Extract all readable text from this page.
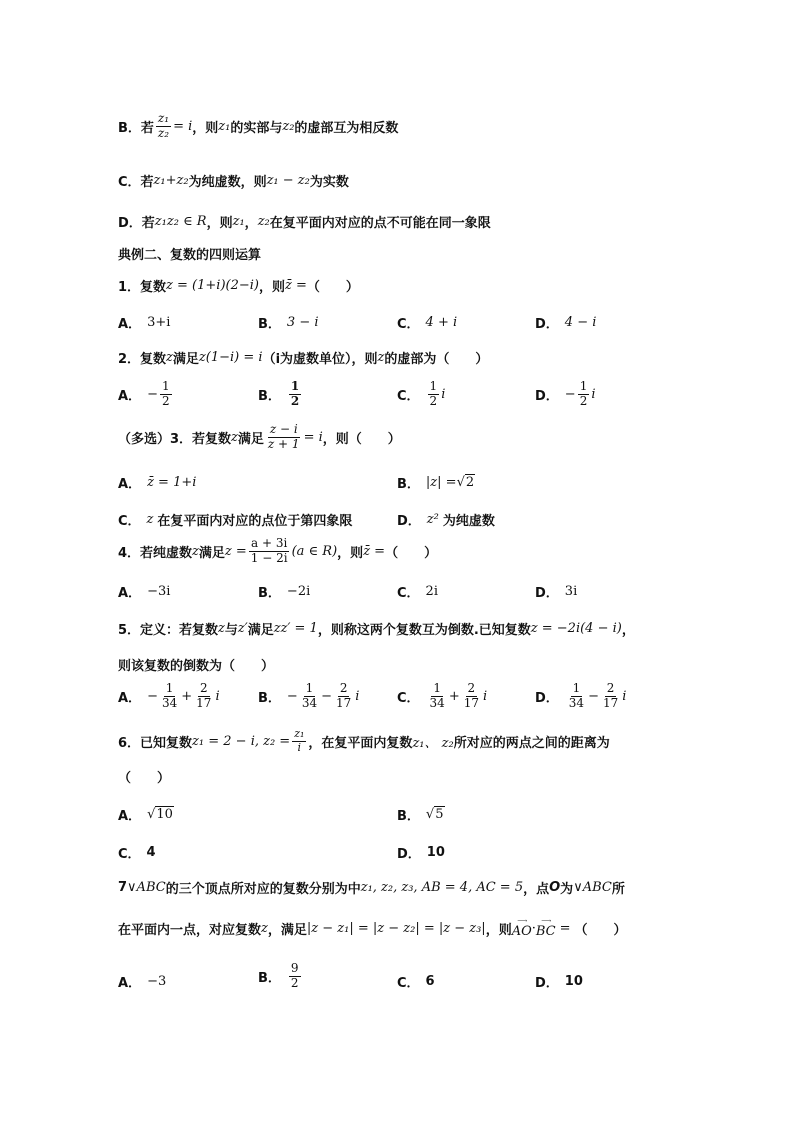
B．若 $\frac{\text{z₁}}{\text{z₂}} = i$ ，则 z₁ 的实部与 z₂ 的虚部互为相反数
C．若 z₁+z₂ 为纯虚数，则 z₁ − z₂ 为实数
D．若 z₁z₂ ∈ R ，则 z₁ ， z₂ 在复平面内对应的点不可能在同一象限
典例二、复数的四则运算
1．复数 z = (1+i)(2−i) ，则 z̄ = （　　）
A． 3+i	B． 3 − i	C． 4 + i	D． 4 − i
2．复数 z 满足 z(1−i) = i （i为虚数单位），则 z 的虚部为（　　）
A． − $\frac{1}{2}$	B． $\frac{1}{2}$	C． $\frac{1}{2}$ i	D． − $\frac{1}{2}$ i
（多选）3．若复数 z 满足 $\frac{z - i}{z + 1} = i$ ，则（　　）
A． z̄ = 1+i	B． |z| = √2
C． z 在复平面内对应的点位于第四象限	D． z² 为纯虚数
4．若纯虚数 z 满足 $z = \frac{a + 3i}{1 - 2i} (a$ ∈ R) ，则 z̄ = （　　）
A． −3i	B． −2i	C． 2i	D． 3i
5．定义：若复数 z 与 z′ 满足 zz′ = 1 ，则称这两个复数互为倒数.已知复数 z = −2i(4 − i) ，
则该复数的倒数为（　　）
A． − $\frac{1}{34} + \frac{2}{17}$ i	B． − $\frac{1}{34} - \frac{2}{17}$ i	C． $\frac{1}{34} + \frac{2}{17}$ i	D． $\frac{1}{34} - \frac{2}{17}$ i
6．已知复数 z₁ = 2 − i, $z_2 = \frac{\text{z₁}}{i}$ ，在复平面内复数 z₁、 z₂ 所对应的两点之间的距离为
（　　）
A． √10	B． √5
C． 4	D． 10
7 ∨ABC 的三个顶点所对应的复数分别为中 z₁, z₂, z₃, AB = 4, AC = 5 ，点 O 为 ∨ABC 所
在平面内一点，对应复数 z ，满足 |z − z₁| = |z − z₂| = |z − z₃| ，则
⟶
AO · ⟶
BC = （　　）
A． −3	B． $\frac{9}{2}$	C． 6	D． 10
